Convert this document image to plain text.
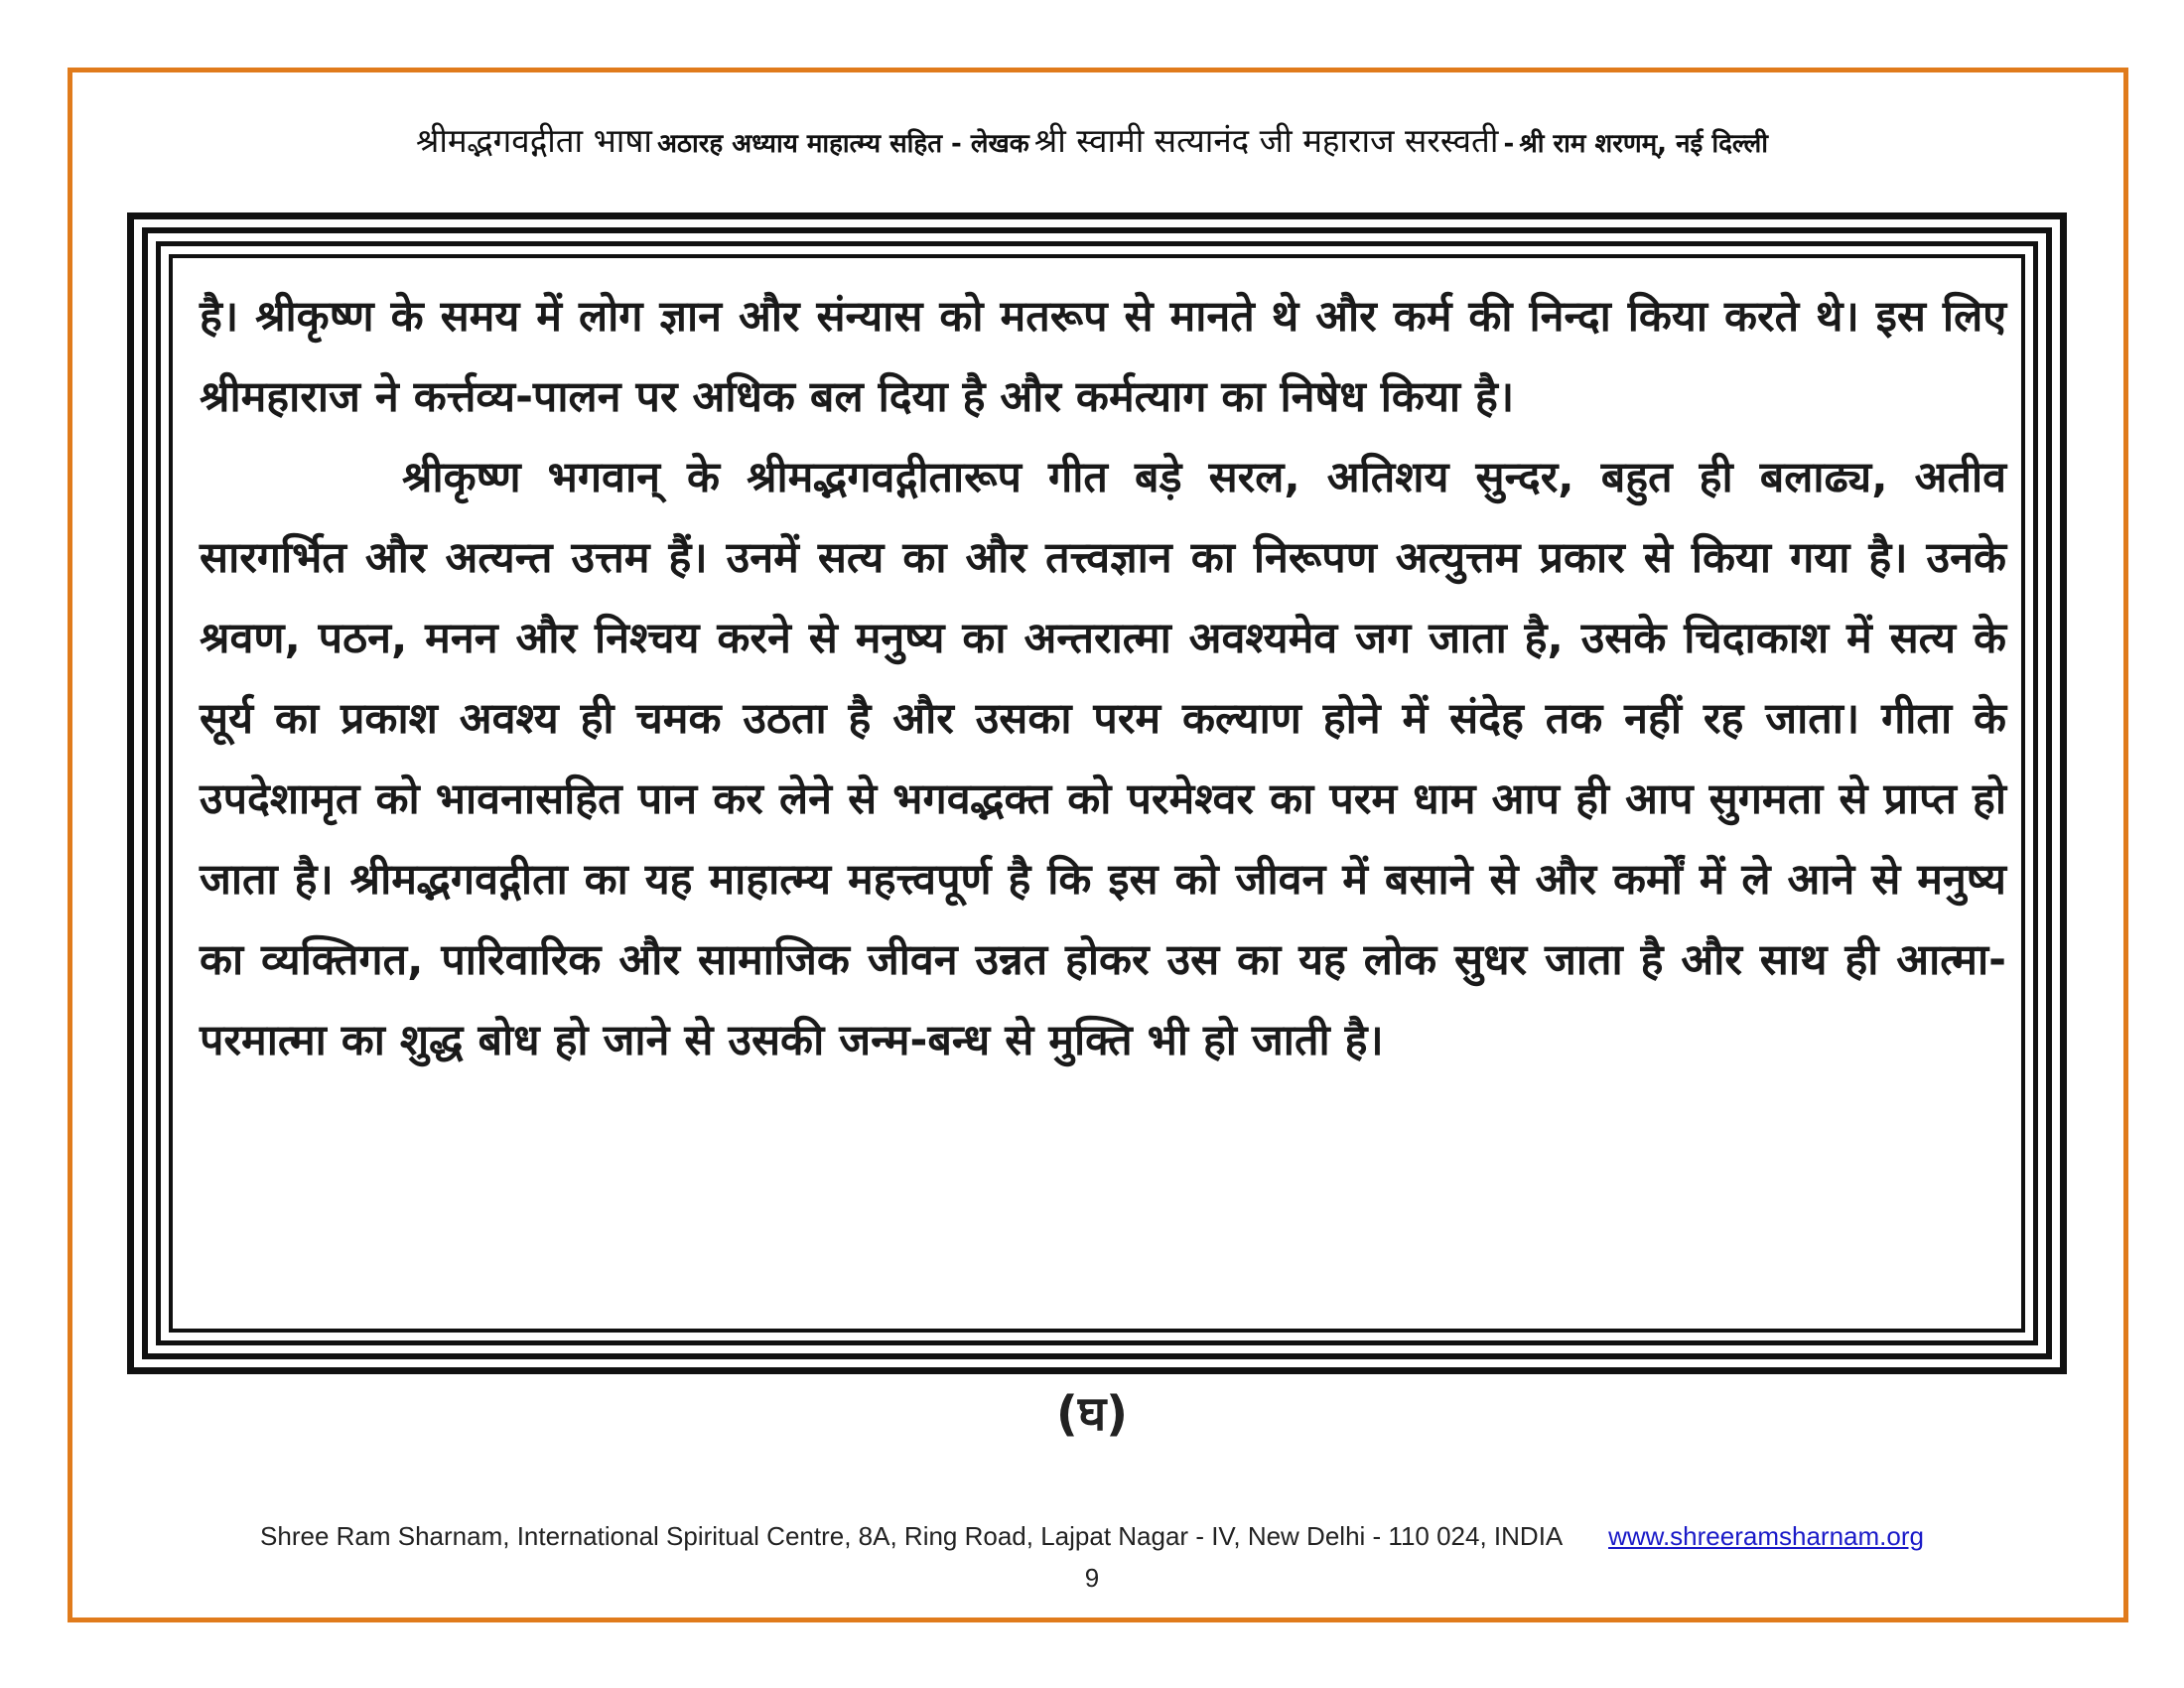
श्रीमद्भगवद्गीता भाषा अठारह अध्याय माहात्म्य सहित - लेखक श्री स्वामी सत्यानंद जी महाराज सरस्वती - श्री राम शरणम्, नई दिल्ली

है। श्रीकृष्ण के समय में लोग ज्ञान और संन्यास को मतरूप से मानते थे और कर्म की निन्दा किया करते थे। इस लिए श्रीमहाराज ने कर्त्तव्य-पालन पर अधिक बल दिया है और कर्मत्याग का निषेध किया है।

श्रीकृष्ण भगवान् के श्रीमद्भगवद्गीतारूप गीत बड़े सरल, अतिशय सुन्दर, बहुत ही बलाढ्य, अतीव सारगर्भित और अत्यन्त उत्तम हैं। उनमें सत्य का और तत्त्वज्ञान का निरूपण अत्युत्तम प्रकार से किया गया है। उनके श्रवण, पठन, मनन और निश्चय करने से मनुष्य का अन्तरात्मा अवश्यमेव जग जाता है, उसके चिदाकाश में सत्य के सूर्य का प्रकाश अवश्य ही चमक उठता है और उसका परम कल्याण होने में संदेह तक नहीं रह जाता। गीता के उपदेशामृत को भावनासहित पान कर लेने से भगवद्भक्त को परमेश्वर का परम धाम आप ही आप सुगमता से प्राप्त हो जाता है। श्रीमद्भगवद्गीता का यह माहात्म्य महत्त्वपूर्ण है कि इस को जीवन में बसाने से और कर्मों में ले आने से मनुष्य का व्यक्तिगत, पारिवारिक और सामाजिक जीवन उन्नत होकर उस का यह लोक सुधर जाता है और साथ ही आत्मा-परमात्मा का शुद्ध बोध हो जाने से उसकी जन्म-बन्ध से मुक्ति भी हो जाती है।

(घ)
Shree Ram Sharnam, International Spiritual Centre, 8A, Ring Road, Lajpat Nagar - IV, New Delhi - 110 024, INDIA www.shreeramsharnam.org
9
